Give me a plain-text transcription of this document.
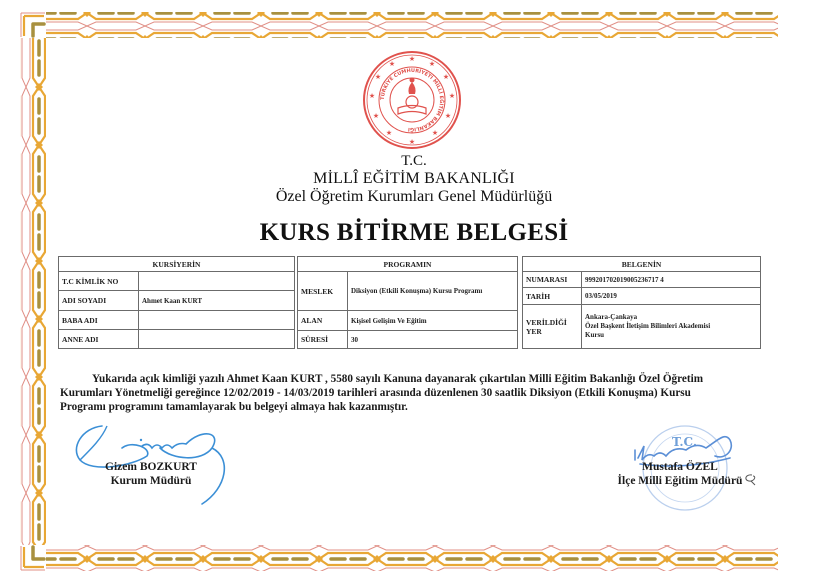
★
★
★
★
★
★
★
★
★
★
★
★
TÜRKİYE CUMHURİYETİ MİLLÎ EĞİTİM BAKANLIĞI
T.C.
MİLLÎ EĞİTİM BAKANLIĞI
Özel Öğretim Kurumları Genel Müdürlüğü
KURS BİTİRME BELGESİ
KURSİYERİN	
T.C KİMLİK NO	
ADI SOYADI	Ahmet Kaan KURT
BABA ADI	
ANNE ADI	
PROGRAMIN	
MESLEK	Diksiyon (Etkili Konuşma) Kursu Programı
ALAN	Kişisel Gelişim Ve Eğitim
SÜRESİ	30
BELGENİN	
NUMARASI	999201702019005236717 4
TARİH	03/05/2019
VERİLDİĞİ YER	Ankara-Çankaya
Özel Başkent İletişim Bilimleri Akademisi
Kursu
Yukarıda açık kimliği yazılı Ahmet Kaan KURT , 5580 sayılı Kanuna dayanarak çıkartılan Milli Eğitim Bakanlığı Özel Öğretim
Kurumları Yönetmeliği gereğince 12/02/2019 - 14/03/2019 tarihleri arasında düzenlenen 30 saatlik Diksiyon (Etkili Konuşma) Kursu
Programı programını tamamlayarak bu belgeyi almaya hak kazanmıştır.
T.C.
Gizem BOZKURT
Kurum Müdürü
Mustafa ÖZEL
İlçe Milli Eğitim Müdürü
